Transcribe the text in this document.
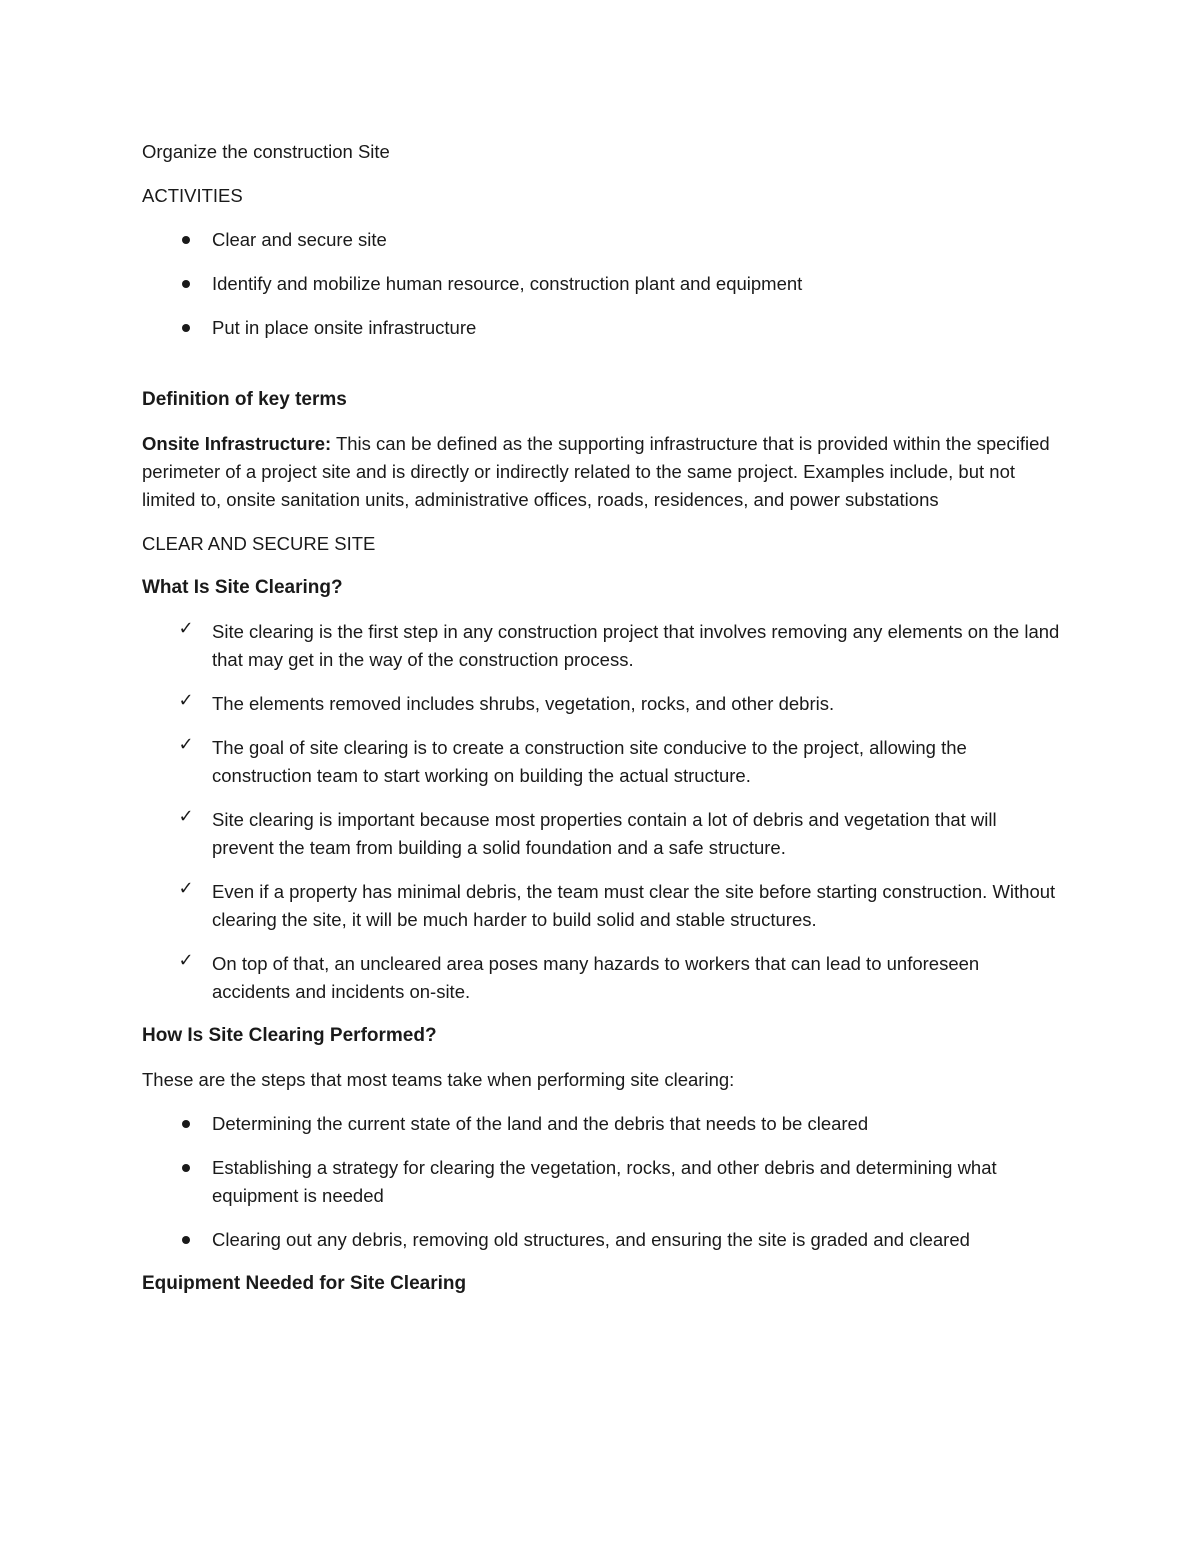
Organize the construction Site

ACTIVITIES

Clear and secure site
Identify and mobilize human resource, construction plant and equipment
Put in place onsite infrastructure

Definition of key terms

Onsite Infrastructure: This can be defined as the supporting infrastructure that is provided within the specified perimeter of a project site and is directly or indirectly related to the same project. Examples include, but not limited to, onsite sanitation units, administrative offices, roads, residences, and power substations

CLEAR AND SECURE SITE

What Is Site Clearing?

✓ Site clearing is the first step in any construction project that involves removing any elements on the land that may get in the way of the construction process.
✓ The elements removed includes shrubs, vegetation, rocks, and other debris.
✓ The goal of site clearing is to create a construction site conducive to the project, allowing the construction team to start working on building the actual structure.
✓ Site clearing is important because most properties contain a lot of debris and vegetation that will prevent the team from building a solid foundation and a safe structure.
✓ Even if a property has minimal debris, the team must clear the site before starting construction. Without clearing the site, it will be much harder to build solid and stable structures.
✓ On top of that, an uncleared area poses many hazards to workers that can lead to unforeseen accidents and incidents on-site.

How Is Site Clearing Performed?

These are the steps that most teams take when performing site clearing:

Determining the current state of the land and the debris that needs to be cleared
Establishing a strategy for clearing the vegetation, rocks, and other debris and determining what equipment is needed
Clearing out any debris, removing old structures, and ensuring the site is graded and cleared

Equipment Needed for Site Clearing
